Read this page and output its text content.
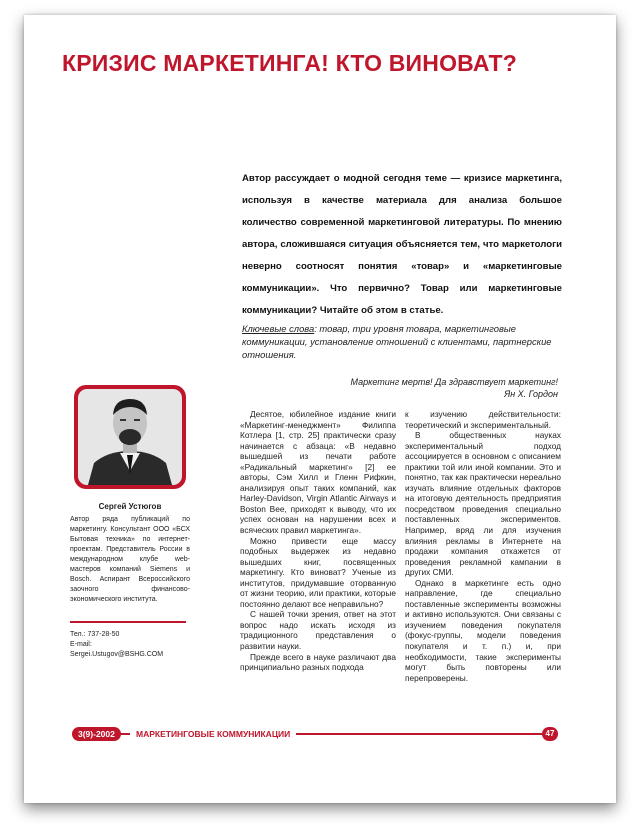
КРИЗИС МАРКЕТИНГА! КТО ВИНОВАТ?

Автор рассуждает о модной сегодня теме — кризисе маркетинга, используя в качестве материала для анализа большое количество современной маркетинговой литературы. По мнению автора, сложившаяся ситуация объясняется тем, что маркетологи неверно соотносят понятия «товар» и «маркетинговые коммуникации». Что первично? Товар или маркетинговые коммуникации? Читайте об этом в статье.

Ключевые слова: товар, три уровня товара, маркетинговые коммуникации, установление отношений с клиентами, партнерские отношения.

Маркетинг мертв! Да здравствует маркетинг!
Ян Х. Гордон

Сергей Устюгов

Автор ряда публикаций по маркетингу. Консультант ООО «БСХ Бытовая техника» по интернет-проектам. Представитель России в международном клубе web-мастеров компаний Siemens и Bosch. Аспирант Всероссийского заочного финансово-экономического института.

Тел.: 737-28-50
E-mail:
Sergei.Ustugov@BSHG.COM

Десятое, юбилейное издание книги «Маркетинг-менеджмент» Филиппа Котлера [1, стр. 25] практически сразу начинается с абзаца: «В недавно вышедшей из печати работе «Радикальный маркетинг» [2] ее авторы, Сэм Хилл и Гленн Рифкин, анализируя опыт таких компаний, как Harley-Davidson, Virgin Atlantic Airways и Boston Bee, приходят к выводу, что их успех основан на нарушении всех и всяческих правил маркетинга».

Можно привести еще массу подобных выдержек из недавно вышедших книг, посвященных маркетингу. Кто виноват? Ученые из институтов, придумавшие оторванную от жизни теорию, или практики, которые постоянно делают все неправильно?

С нашей точки зрения, ответ на этот вопрос надо искать исходя из традиционного представления о развитии науки.

Прежде всего в науке различают два принципиально разных подхода

к изучению действительности: теоретический и экспериментальный.

В общественных науках экспериментальный подход ассоциируется в основном с описанием практики той или иной компании. Это и понятно, так как практически нереально изучать влияние отдельных факторов на итоговую деятельность предприятия посредством проведения специально поставленных экспериментов. Например, вряд ли для изучения влияния рекламы в Интернете на продажи компания откажется от проведения рекламной кампании в других СМИ.

Однако в маркетинге есть одно направление, где специально поставленные эксперименты возможны и активно используются. Они связаны с изучением поведения покупателя (фокус-группы, модели поведения покупателя и т. п.) и, при необходимости, такие эксперименты могут быть повторены или перепроверены.

3(9)-2002	МАРКЕТИНГОВЫЕ КОММУНИКАЦИИ	47
